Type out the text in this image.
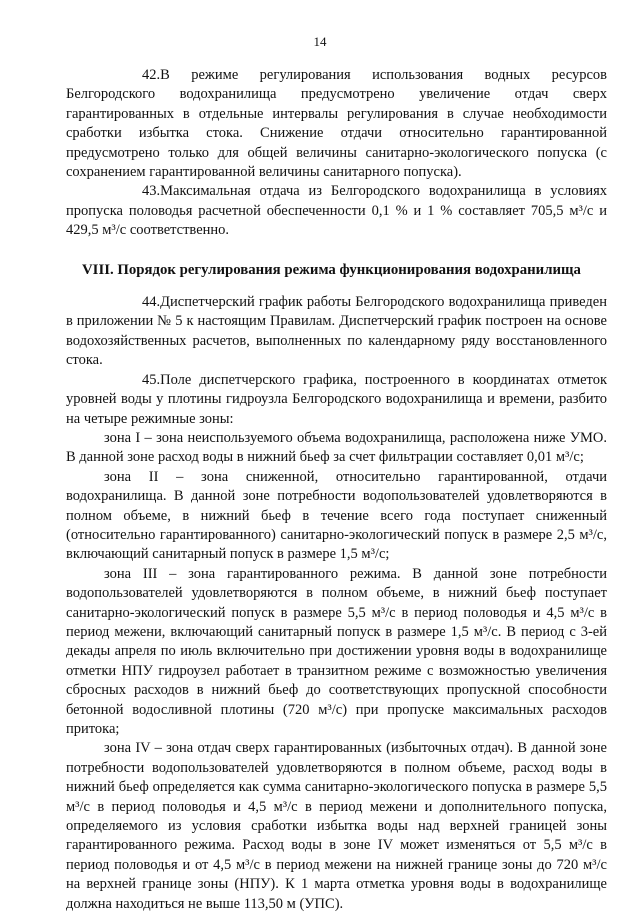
14

42.В режиме регулирования использования водных ресурсов Белгородского водохранилища предусмотрено увеличение отдач сверх гарантированных в отдельные интервалы регулирования в случае необходимости сработки избытка стока. Снижение отдачи относительно гарантированной предусмотрено только для общей величины санитарно-экологического попуска (с сохранением гарантированной величины санитарного попуска).

43.Максимальная отдача из Белгородского водохранилища в условиях пропуска половодья расчетной обеспеченности 0,1 % и 1 % составляет 705,5 м³/с и 429,5 м³/с соответственно.

VIII. Порядок регулирования режима функционирования водохранилища

44.Диспетчерский график работы Белгородского водохранилища приведен в приложении № 5 к настоящим Правилам. Диспетчерский график построен на основе водохозяйственных расчетов, выполненных по календарному ряду восстановленного стока.

45.Поле диспетчерского графика, построенного в координатах отметок уровней воды у плотины гидроузла Белгородского водохранилища и времени, разбито на четыре режимные зоны:

зона I – зона неиспользуемого объема водохранилища, расположена ниже УМО. В данной зоне расход воды в нижний бьеф за счет фильтрации составляет 0,01 м³/с;

зона II – зона сниженной, относительно гарантированной, отдачи водохранилища. В данной зоне потребности водопользователей удовлетворяются в полном объеме, в нижний бьеф в течение всего года поступает сниженный (относительно гарантированного) санитарно-экологический попуск в размере 2,5 м³/с, включающий санитарный попуск в размере 1,5 м³/с;

зона III – зона гарантированного режима. В данной зоне потребности водопользователей удовлетворяются в полном объеме, в нижний бьеф поступает санитарно-экологический попуск в размере 5,5 м³/с в период половодья и 4,5 м³/с в период межени, включающий санитарный попуск в размере 1,5 м³/с. В период с 3-ей декады апреля по июль включительно при достижении уровня воды в водохранилище отметки НПУ гидроузел работает в транзитном режиме с возможностью увеличения сбросных расходов в нижний бьеф до соответствующих пропускной способности бетонной водосливной плотины (720 м³/с) при пропуске максимальных расходов притока;

зона IV – зона отдач сверх гарантированных (избыточных отдач). В данной зоне потребности водопользователей удовлетворяются в полном объеме, расход воды в нижний бьеф определяется как сумма санитарно-экологического попуска в размере 5,5 м³/с в период половодья и 4,5 м³/с в период межени и дополнительного попуска, определяемого из условия сработки избытка воды над верхней границей зоны гарантированного режима. Расход воды в зоне IV может изменяться от 5,5 м³/с в период половодья и от 4,5 м³/с в период межени на нижней границе зоны до 720 м³/с на верхней границе зоны (НПУ). К 1 марта отметка уровня воды в водохранилище должна находиться не выше 113,50 м (УПС).
